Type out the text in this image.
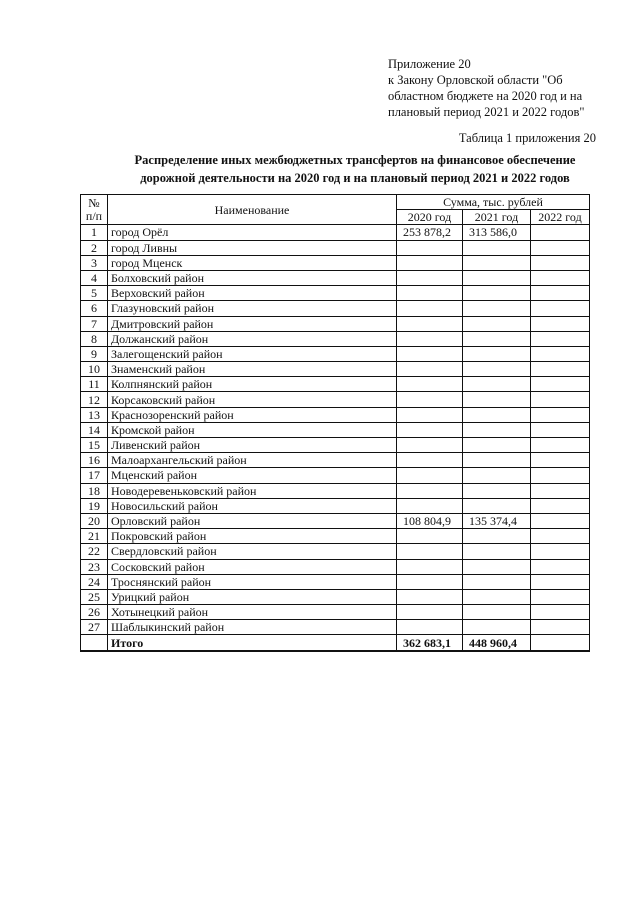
Приложение 20
к Закону Орловской области "Об
областном бюджете на 2020 год и на
плановый период 2021 и 2022 годов"
Таблица 1 приложения 20
Распределение иных межбюджетных трансфертов на финансовое обеспечение
дорожной деятельности на 2020 год и на плановый период 2021 и 2022 годов
№
п/п	Наименование	Сумма, тыс. рублей		
		2020 год	2021 год	2022 год
1	город Орёл	253 878,2	313 586,0	
2	город Ливны			
3	город Мценск			
4	Болховский район			
5	Верховский район			
6	Глазуновский район			
7	Дмитровский район			
8	Должанский район			
9	Залегощенский район			
10	Знаменский район			
11	Колпнянский район			
12	Корсаковский район			
13	Краснозоренский район			
14	Кромской район			
15	Ливенский район			
16	Малоархангельский район			
17	Мценский район			
18	Новодеревеньковский район			
19	Новосильский район			
20	Орловский район	108 804,9	135 374,4	
21	Покровский район			
22	Свердловский район			
23	Сосковский район			
24	Троснянский район			
25	Урицкий район			
26	Хотынецкий район			
27	Шаблыкинский район			
	Итого	362 683,1	448 960,4	
